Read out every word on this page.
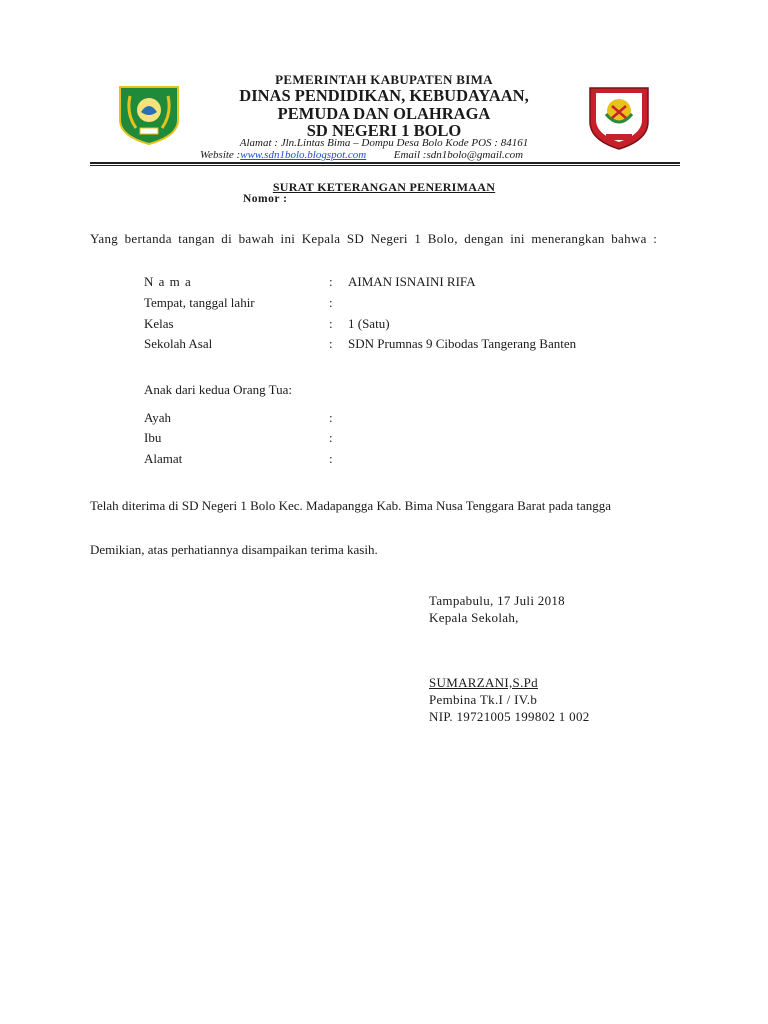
PEMERINTAH KABUPATEN BIMA
DINAS PENDIDIKAN, KEBUDAYAAN,
PEMUDA DAN OLAHRAGA
SD NEGERI 1 BOLO
Alamat : Jln.Lintas Bima – Dompu Desa Bolo Kode POS : 84161
Website :www.sdn1bolo.blogspot.com	Email :sdn1bolo@gmail.com
SURAT KETERANGAN PENERIMAAN
Nomor :
Yang bertanda tangan di bawah ini Kepala SD Negeri 1 Bolo, dengan ini menerangkan bahwa :
N a m a	: AIMAN ISNAINI RIFA
Tempat, tanggal lahir	:
Kelas	: 1 (Satu)
Sekolah Asal	: SDN Prumnas 9 Cibodas Tangerang Banten
Anak dari kedua Orang Tua:
Ayah	:
Ibu	:
Alamat	:
Telah diterima di SD Negeri 1 Bolo Kec. Madapangga Kab. Bima Nusa Tenggara Barat pada tangga
Demikian, atas perhatiannya disampaikan terima kasih.
Tampabulu, 17 Juli 2018
Kepala Sekolah,
SUMARZANI,S.Pd
Pembina Tk.I / IV.b
NIP. 19721005 199802 1 002
